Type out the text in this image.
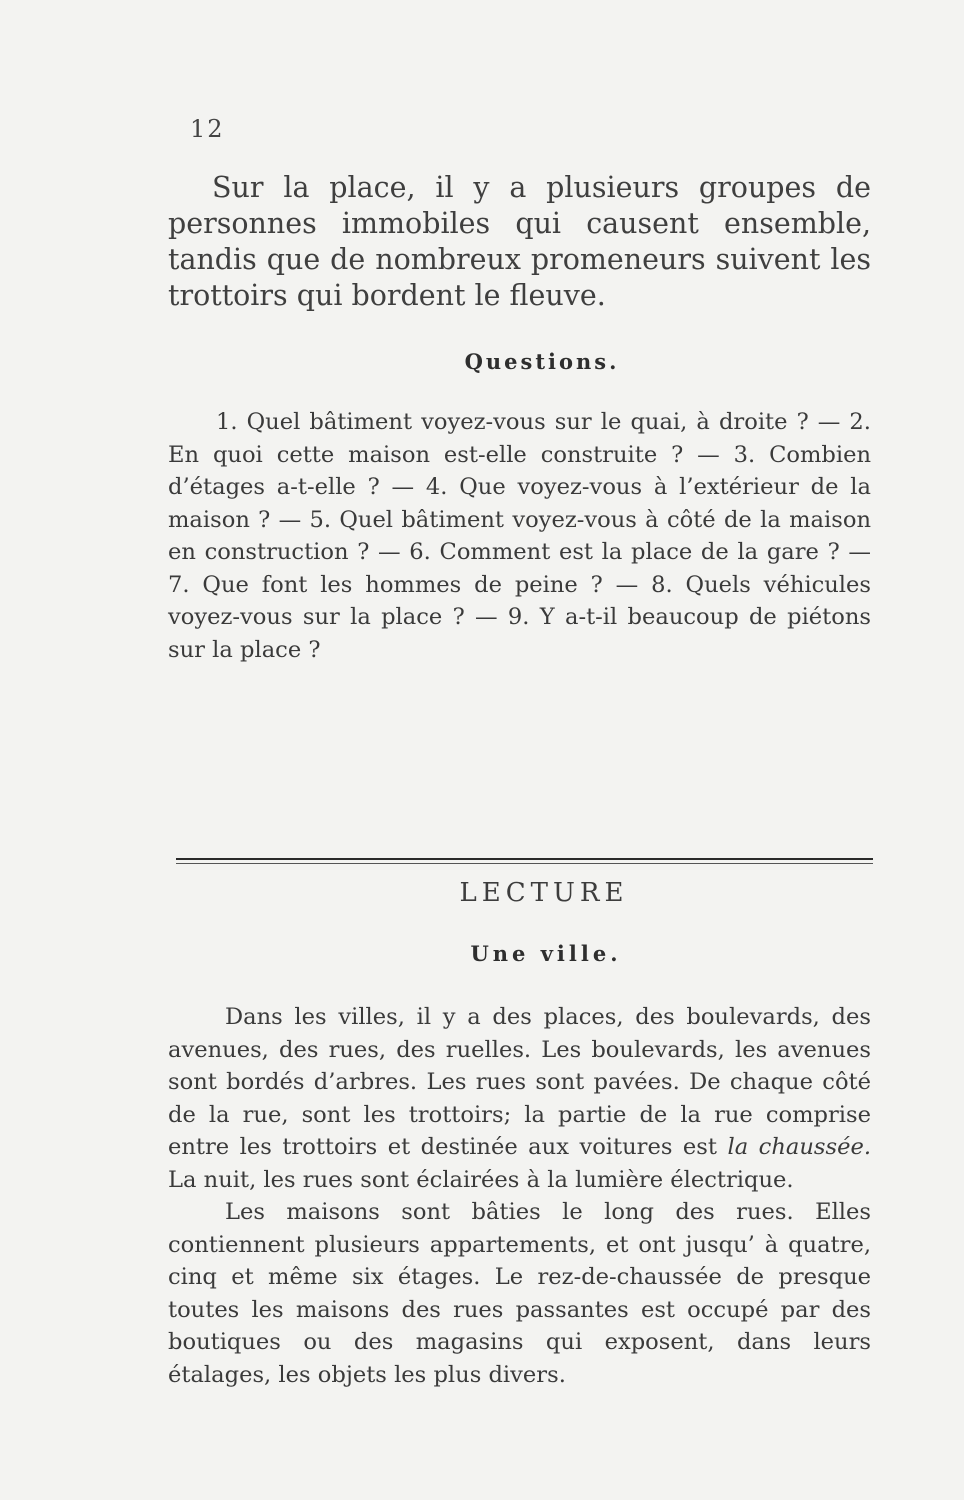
12

Sur la place, il y a plusieurs groupes de personnes immobiles qui causent ensemble, tandis que de nombreux promeneurs suivent les trottoirs qui bordent le fleuve.

Questions.

1. Quel bâtiment voyez-vous sur le quai, à droite ? — 2. En quoi cette maison est-elle construite ? — 3. Combien d’étages a-t-elle ? — 4. Que voyez-vous à l’extérieur de la maison ? — 5. Quel bâtiment voyez-vous à côté de la maison en construction ? — 6. Comment est la place de la gare ? — 7. Que font les hommes de peine ? — 8. Quels véhicules voyez-vous sur la place ? — 9. Y a-t-il beaucoup de piétons sur la place ?

LECTURE
Une ville.

Dans les villes, il y a des places, des boulevards, des avenues, des rues, des ruelles. Les boulevards, les avenues sont bordés d’arbres. Les rues sont pavées. De chaque côté de la rue, sont les trottoirs; la partie de la rue comprise entre les trottoirs et destinée aux voitures est la chaussée. La nuit, les rues sont éclairées à la lumière électrique.

Les maisons sont bâties le long des rues. Elles contiennent plusieurs appartements, et ont jusqu’ à quatre, cinq et même six étages. Le rez-de-chaussée de presque toutes les maisons des rues passantes est occupé par des boutiques ou des magasins qui exposent, dans leurs étalages, les objets les plus divers.
